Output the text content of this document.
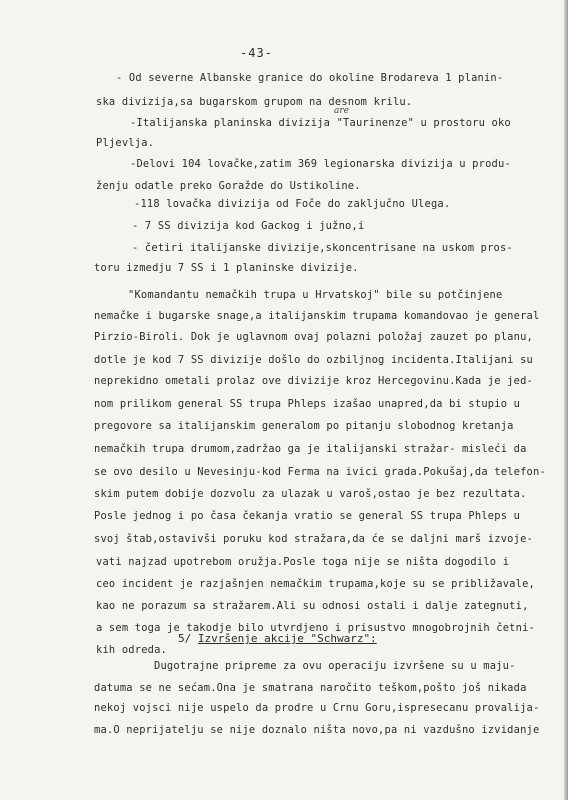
-43-
are
- Od severne Albanske granice do okoline Brodareva 1 planin-
ska divizija,sa bugarskom grupom na desnom krilu.
-Italijanska planinska divizija "Taurinenze" u prostoru oko
Pljevlja.
-Delovi 104 lovačke,zatim 369 legionarska divizija u produ-
ženju odatle preko Goražde do Ustikoline.
-118 lovačka divizija od Foče do zaključno Ulega.
- 7 SS divizija kod Gackog i južno,i
- četiri italijanske divizije,skoncentrisane na uskom pros-
toru izmedju 7 SS i 1 planinske divizije.
"Komandantu nemačkih trupa u Hrvatskoj" bile su potčinjene
nemačke i bugarske snage,a italijanskim trupama komandovao je general
Pirzio-Biroli. Dok je uglavnom ovaj polazni položaj zauzet po planu,
dotle je kod 7 SS divizije došlo do ozbiljnog incidenta.Italijani su
neprekidno ometali prolaz ove divizije kroz Hercegovinu.Kada je jed-
nom prilikom general SS trupa Phleps izašao unapred,da bi stupio u
pregovore sa italijanskim generalom po pitanju slobodnog kretanja
nemačkih trupa drumom,zadržao ga je italijanski stražar- misleći da
se ovo desilo u Nevesinju-kod Ferma na ivici grada.Pokušaj,da telefon-
skim putem dobije dozvolu za ulazak u varoš,ostao je bez rezultata.
Posle jednog i po časa čekanja vratio se general SS trupa Phleps u
svoj štab,ostavivši poruku kod stražara,da će se daljni marš izvoje-
vati najzad upotrebom oružja.Posle toga nije se ništa dogodilo i
ceo incident je razjašnjen nemačkim trupama,koje su se približavale,
kao ne porazum sa stražarem.Ali su odnosi ostali i dalje zategnuti,
a sem toga je takodje bilo utvrdjeno i prisustvo mnogobrojnih četni-
kih odreda.
5/ Izvršenje akcije "Schwarz":
Dugotrajne pripreme za ovu operaciju izvršene su u maju-
datuma se ne sećam.Ona je smatrana naročito teškom,pošto još nikada
nekoj vojsci nije uspelo da prodre u Crnu Goru,ispresecanu provalija-
ma.O neprijatelju se nije doznalo ništa novo,pa ni vazdušno izvidanje
